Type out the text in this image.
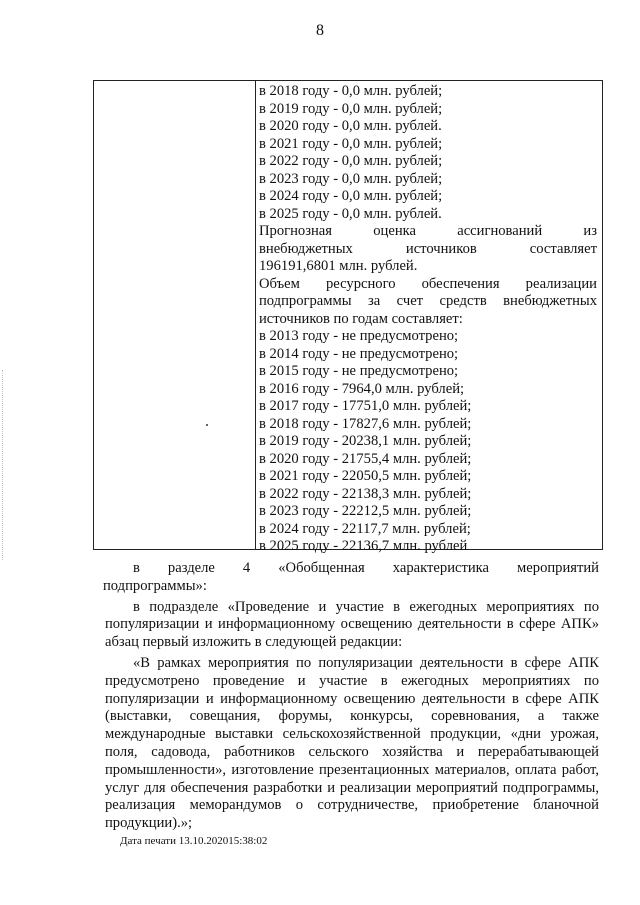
8
в 2018 году - 0,0 млн. рублей;
в 2019 году - 0,0 млн. рублей;
в 2020 году - 0,0 млн. рублей.
в 2021 году - 0,0 млн. рублей;
в 2022 году - 0,0 млн. рублей;
в 2023 году - 0,0 млн. рублей;
в 2024 году - 0,0 млн. рублей;
в 2025 году - 0,0 млн. рублей.
Прогнозная оценка ассигнований из
внебюджетных источников составляет
196191,6801 млн. рублей.
Объем ресурсного обеспечения реализации
подпрограммы за счет средств внебюджетных
источников по годам составляет:
в 2013 году - не предусмотрено;
в 2014 году - не предусмотрено;
в 2015 году - не предусмотрено;
в 2016 году - 7964,0 млн. рублей;
в 2017 году - 17751,0 млн. рублей;
в 2018 году - 17827,6 млн. рублей;
в 2019 году - 20238,1 млн. рублей;
в 2020 году - 21755,4 млн. рублей;
в 2021 году - 22050,5 млн. рублей;
в 2022 году - 22138,3 млн. рублей;
в 2023 году - 22212,5 млн. рублей;
в 2024 году - 22117,7 млн. рублей;
в 2025 году - 22136,7 млн. рублей

в разделе 4 «Обобщенная характеристика мероприятий

подпрограммы»:

в подразделе «Проведение и участие в ежегодных мероприятиях по популяризации и информационному освещению деятельности в сфере АПК» абзац первый изложить в следующей редакции:

«В рамках мероприятия по популяризации деятельности в сфере АПК предусмотрено проведение и участие в ежегодных мероприятиях по популяризации и информационному освещению деятельности в сфере АПК (выставки, совещания, форумы, конкурсы, соревнования, а также международные выставки сельскохозяйственной продукции, «дни урожая, поля, садовода, работников сельского хозяйства и перерабатывающей промышленности», изготовление презентационных материалов, оплата работ, услуг для обеспечения разработки и реализации мероприятий подпрограммы, реализация меморандумов о сотрудничестве, приобретение бланочной продукции).»;

Дата печати 13.10.202015:38:02
